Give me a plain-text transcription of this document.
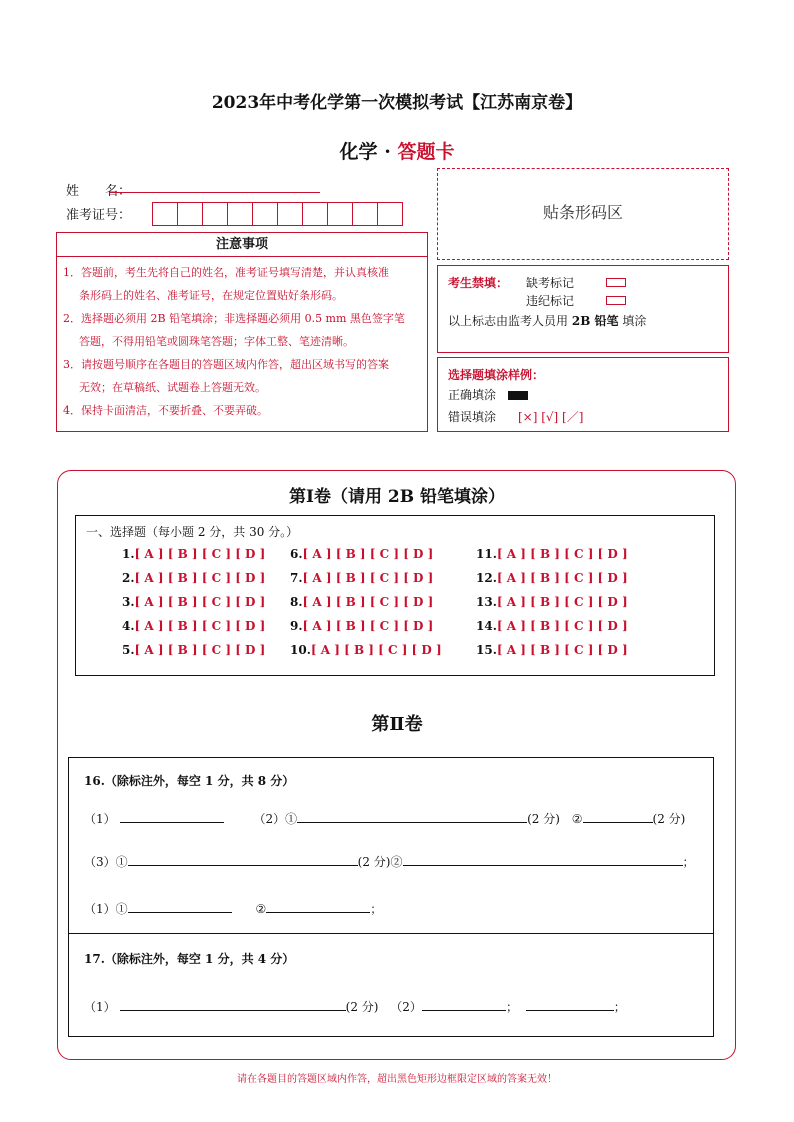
2023年中考化学第一次模拟考试【江苏南京卷】
化学 · 答题卡
姓　　名：
准考证号：
注意事项
1．答题前，考生先将自己的姓名，准考证号填写清楚，并认真核准
条形码上的姓名、准考证号，在规定位置贴好条形码。
2．选择题必须用 2B 铅笔填涂；非选择题必须用 0.5 mm 黑色签字笔
答题，不得用铅笔或圆珠笔答题；字体工整、笔迹清晰。
3．请按题号顺序在各题目的答题区域内作答，超出区域书写的答案
无效；在草稿纸、试题卷上答题无效。
4．保持卡面清洁，不要折叠、不要弄破。
贴条形码区
考生禁填： 缺考标记
违纪标记
以上标志由监考人员用 2B 铅笔 填涂
选择题填涂样例：
正确填涂
错误填涂 [×] [√] [／]
第Ⅰ卷（请用 2B 铅笔填涂）
一、选择题（每小题 2 分，共 30 分。）
1.[ A ] [ B ] [ C ] [ D ]
2.[ A ] [ B ] [ C ] [ D ]
3.[ A ] [ B ] [ C ] [ D ]
4.[ A ] [ B ] [ C ] [ D ]
5.[ A ] [ B ] [ C ] [ D ]
6.[ A ] [ B ] [ C ] [ D ]
7.[ A ] [ B ] [ C ] [ D ]
8.[ A ] [ B ] [ C ] [ D ]
9.[ A ] [ B ] [ C ] [ D ]
10.[ A ] [ B ] [ C ] [ D ]
11.[ A ] [ B ] [ C ] [ D ]
12.[ A ] [ B ] [ C ] [ D ]
13.[ A ] [ B ] [ C ] [ D ]
14.[ A ] [ B ] [ C ] [ D ]
15.[ A ] [ B ] [ C ] [ D ]
第Ⅱ卷
16.（除标注外，每空 1 分，共 8 分）
（1）	（2）①	(2 分) ②	(2 分)
（3）①	(2 分)②	；
（1）①	②	；
17.（除标注外，每空 1 分，共 4 分）
（1）	(2 分) （2）	；	；
请在各题目的答题区域内作答，超出黑色矩形边框限定区域的答案无效！
